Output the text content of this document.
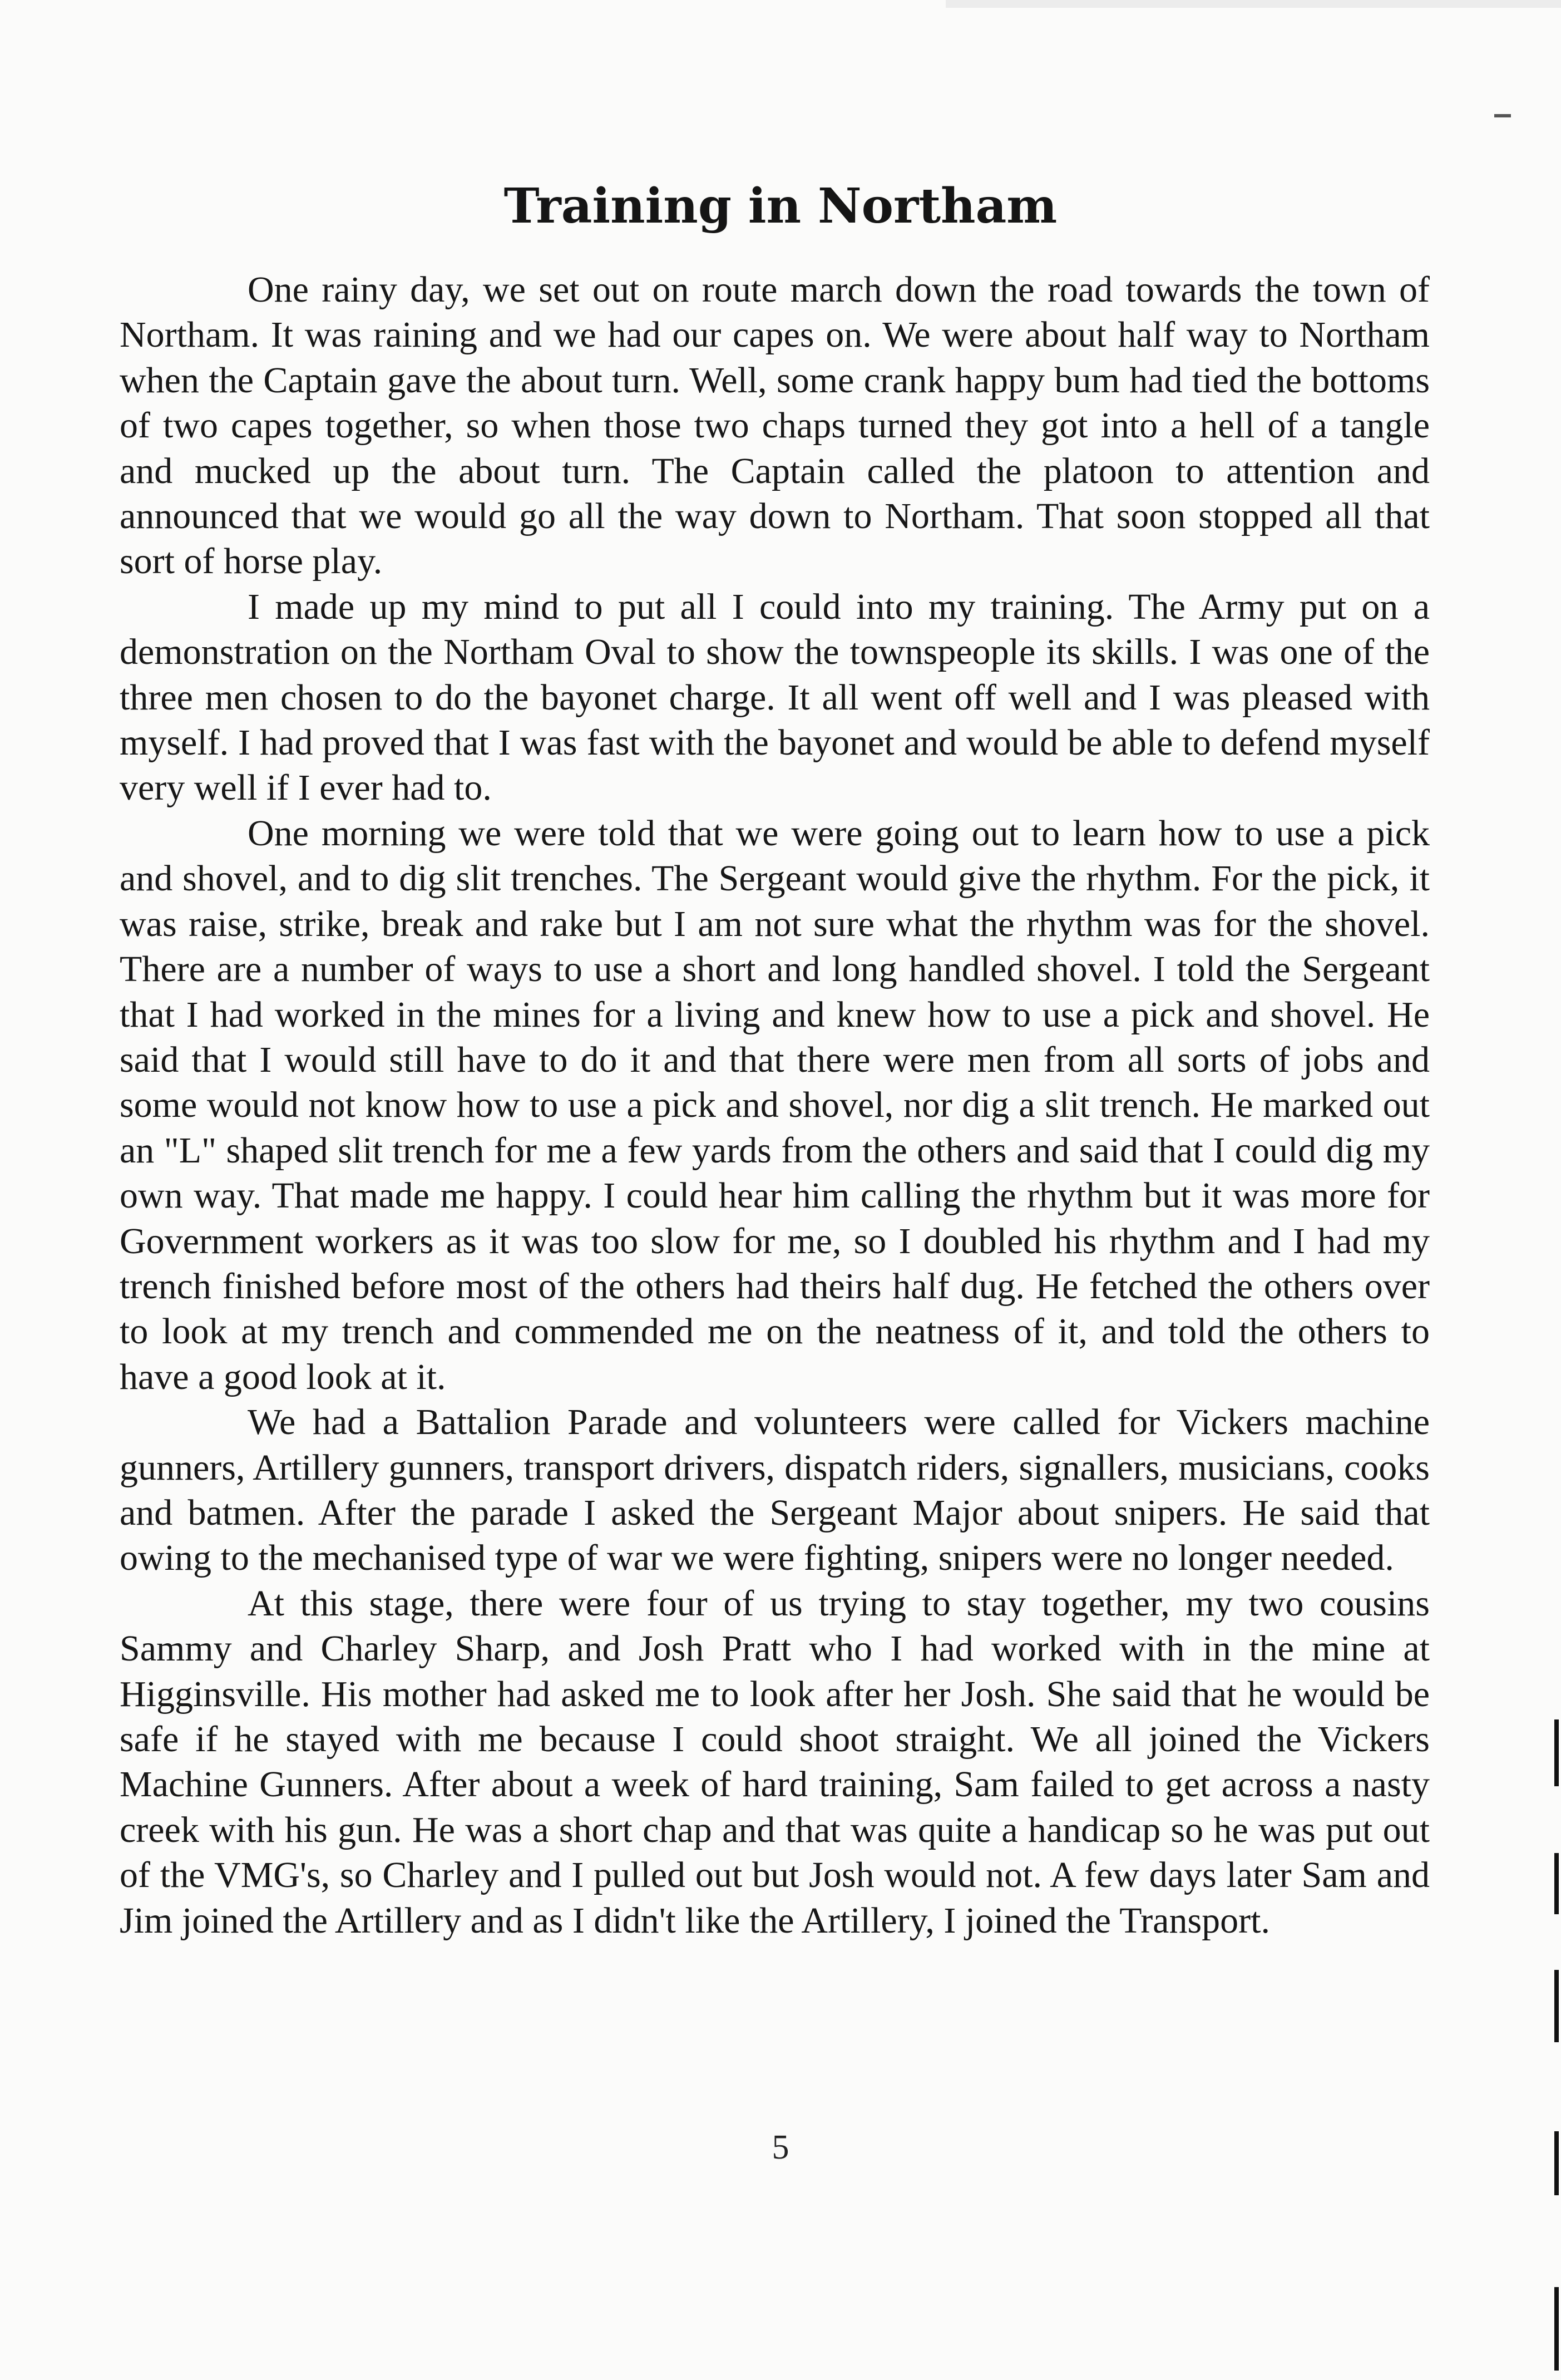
Training in Northam

One rainy day, we set out on route march down the road towards the town of Northam. It was raining and we had our capes on. We were about half way to Northam when the Captain gave the about turn. Well, some crank happy bum had tied the bottoms of two capes together, so when those two chaps turned they got into a hell of a tangle and mucked up the about turn. The Captain called the platoon to attention and announced that we would go all the way down to Northam. That soon stopped all that sort of horse play.

I made up my mind to put all I could into my training. The Army put on a demonstration on the Northam Oval to show the townspeople its skills. I was one of the three men chosen to do the bayonet charge. It all went off well and I was pleased with myself. I had proved that I was fast with the bayonet and would be able to defend myself very well if I ever had to.

One morning we were told that we were going out to learn how to use a pick and shovel, and to dig slit trenches. The Sergeant would give the rhythm. For the pick, it was raise, strike, break and rake but I am not sure what the rhythm was for the shovel. There are a number of ways to use a short and long handled shovel. I told the Sergeant that I had worked in the mines for a living and knew how to use a pick and shovel. He said that I would still have to do it and that there were men from all sorts of jobs and some would not know how to use a pick and shovel, nor dig a slit trench. He marked out an "L" shaped slit trench for me a few yards from the others and said that I could dig my own way. That made me happy. I could hear him calling the rhythm but it was more for Government workers as it was too slow for me, so I doubled his rhythm and I had my trench finished before most of the others had theirs half dug. He fetched the others over to look at my trench and commended me on the neatness of it, and told the others to have a good look at it.

We had a Battalion Parade and volunteers were called for Vickers machine gunners, Artillery gunners, transport drivers, dispatch riders, signallers, musicians, cooks and batmen. After the parade I asked the Sergeant Major about snipers. He said that owing to the mechanised type of war we were fighting, snipers were no longer needed.

At this stage, there were four of us trying to stay together, my two cousins Sammy and Charley Sharp, and Josh Pratt who I had worked with in the mine at Higginsville. His mother had asked me to look after her Josh. She said that he would be safe if he stayed with me because I could shoot straight. We all joined the Vickers Machine Gunners. After about a week of hard training, Sam failed to get across a nasty creek with his gun. He was a short chap and that was quite a handicap so he was put out of the VMG's, so Charley and I pulled out but Josh would not. A few days later Sam and Jim joined the Artillery and as I didn't like the Artillery, I joined the Transport.

5
